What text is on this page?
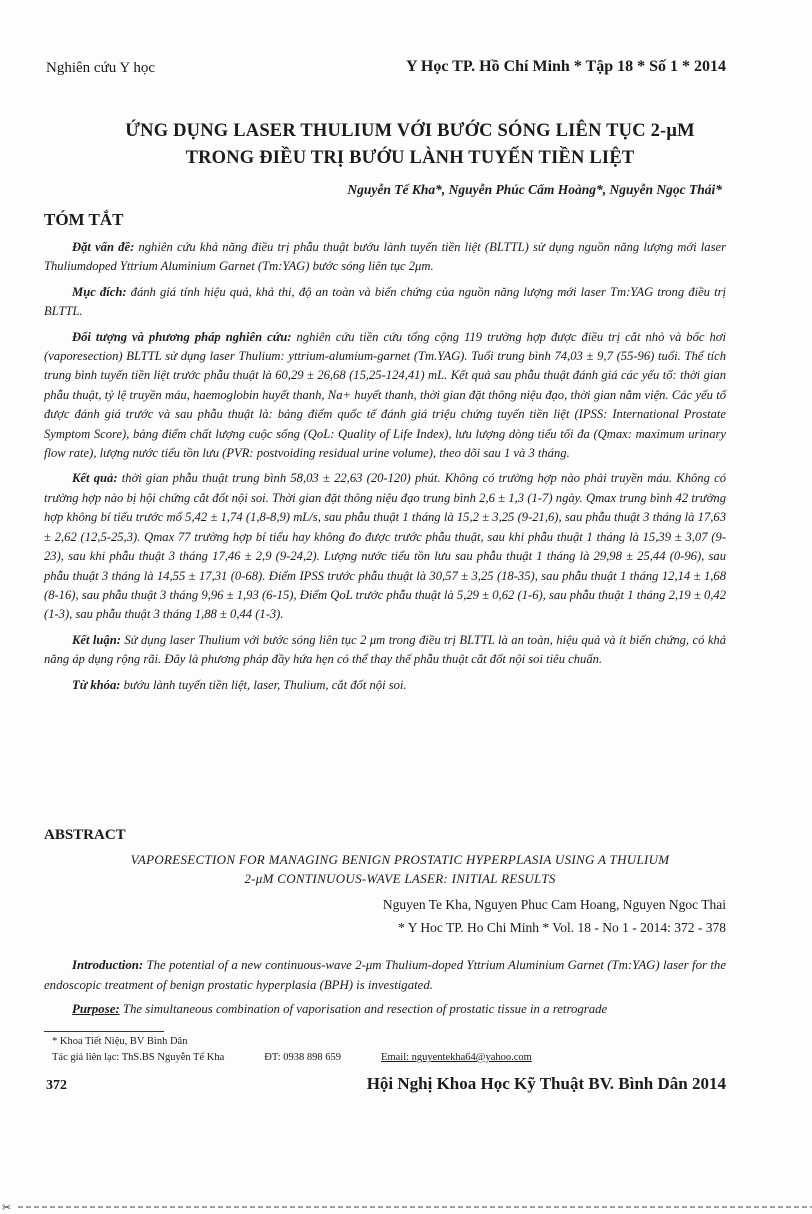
Nghiên cứu Y học	Y Học TP. Hồ Chí Minh * Tập 18 * Số 1 * 2014
ỨNG DỤNG LASER THULIUM VỚI BƯỚC SÓNG LIÊN TỤC 2-μM
TRONG ĐIỀU TRỊ BƯỚU LÀNH TUYẾN TIỀN LIỆT
Nguyễn Tế Kha*, Nguyễn Phúc Cẩm Hoàng*, Nguyễn Ngọc Thái*
TÓM TẮT

Đặt vấn đề: nghiên cứu khả năng điều trị phẫu thuật bướu lành tuyến tiền liệt (BLTTL) sử dụng nguồn năng lượng mới laser Thuliumdoped Yttrium Aluminium Garnet (Tm:YAG) bước sóng liên tục 2μm.

Mục đích: đánh giá tính hiệu quả, khả thi, độ an toàn và biến chứng của nguồn năng lượng mới laser Tm:YAG trong điều trị BLTTL.

Đối tượng và phương pháp nghiên cứu: nghiên cứu tiền cứu tổng cộng 119 trường hợp được điều trị cắt nhỏ và bốc hơi (vaporesection) BLTTL sử dụng laser Thulium: yttrium-alumium-garnet (Tm.YAG). Tuổi trung bình 74,03 ± 9,7 (55-96) tuổi. Thể tích trung bình tuyến tiền liệt trước phẫu thuật là 60,29 ± 26,68 (15,25-124,41) mL. Kết quả sau phẫu thuật đánh giá các yếu tố: thời gian phẫu thuật, tỷ lệ truyền máu, haemoglobin huyết thanh, Na+ huyết thanh, thời gian đặt thông niệu đạo, thời gian nằm viện. Các yếu tố được đánh giá trước và sau phẫu thuật là: bảng điểm quốc tế đánh giá triệu chứng tuyến tiền liệt (IPSS: International Prostate Symptom Score), bảng điểm chất lượng cuộc sống (QoL: Quality of Life Index), lưu lượng dòng tiểu tối đa (Qmax: maximum urinary flow rate), lượng nước tiểu tồn lưu (PVR: postvoiding residual urine volume), theo dõi sau 1 và 3 tháng.

Kết quả: thời gian phẫu thuật trung bình 58,03 ± 22,63 (20-120) phút. Không có trường hợp nào phải truyền máu. Không có trường hợp nào bị hội chứng cắt đốt nội soi. Thời gian đặt thông niệu đạo trung bình 2,6 ± 1,3 (1-7) ngày. Qmax trung bình 42 trường hợp không bí tiểu trước mổ 5,42 ± 1,74 (1,8-8,9) mL/s, sau phẫu thuật 1 tháng là 15,2 ± 3,25 (9-21,6), sau phẫu thuật 3 tháng là 17,63 ± 2,62 (12,5-25,3). Qmax 77 trường hợp bí tiểu hay không đo được trước phẫu thuật, sau khi phẫu thuật 1 tháng là 15,39 ± 3,07 (9-23), sau khi phẫu thuật 3 tháng 17,46 ± 2,9 (9-24,2). Lượng nước tiểu tồn lưu sau phẫu thuật 1 tháng là 29,98 ± 25,44 (0-96), sau phẫu thuật 3 tháng là 14,55 ± 17,31 (0-68). Điểm IPSS trước phẫu thuật là 30,57 ± 3,25 (18-35), sau phẫu thuật 1 tháng 12,14 ± 1,68 (8-16), sau phẫu thuật 3 tháng 9,96 ± 1,93 (6-15), Điểm QoL trước phẫu thuật là 5,29 ± 0,62 (1-6), sau phẫu thuật 1 tháng 2,19 ± 0,42 (1-3), sau phẫu thuật 3 tháng 1,88 ± 0,44 (1-3).

Kết luận: Sử dụng laser Thulium với bước sóng liên tục 2 μm trong điều trị BLTTL là an toàn, hiệu quả và ít biến chứng, có khả năng áp dụng rộng rãi. Đây là phương pháp đầy hứa hẹn có thể thay thế phẫu thuật cắt đốt nội soi tiêu chuẩn.

Từ khóa: bướu lành tuyến tiền liệt, laser, Thulium, cắt đốt nội soi.

ABSTRACT
VAPORESECTION FOR MANAGING BENIGN PROSTATIC HYPERPLASIA USING A THULIUM
2-μM CONTINUOUS-WAVE LASER: INITIAL RESULTS
Nguyen Te Kha, Nguyen Phuc Cam Hoang, Nguyen Ngoc Thai
* Y Hoc TP. Ho Chi Minh * Vol. 18 - No 1 - 2014: 372 - 378

Introduction: The potential of a new continuous-wave 2-μm Thulium-doped Yttrium Aluminium Garnet (Tm:YAG) laser for the endoscopic treatment of benign prostatic hyperplasia (BPH) is investigated.

Purpose: The simultaneous combination of vaporisation and resection of prostatic tissue in a retrograde

* Khoa Tiết Niệu, BV Bình Dân
Tác giả liên lạc: ThS.BS Nguyễn Tế Kha	ĐT: 0938 898 659	Email: nguyentekha64@yahoo.com
372	Hội Nghị Khoa Học Kỹ Thuật BV. Bình Dân 2014
✂
